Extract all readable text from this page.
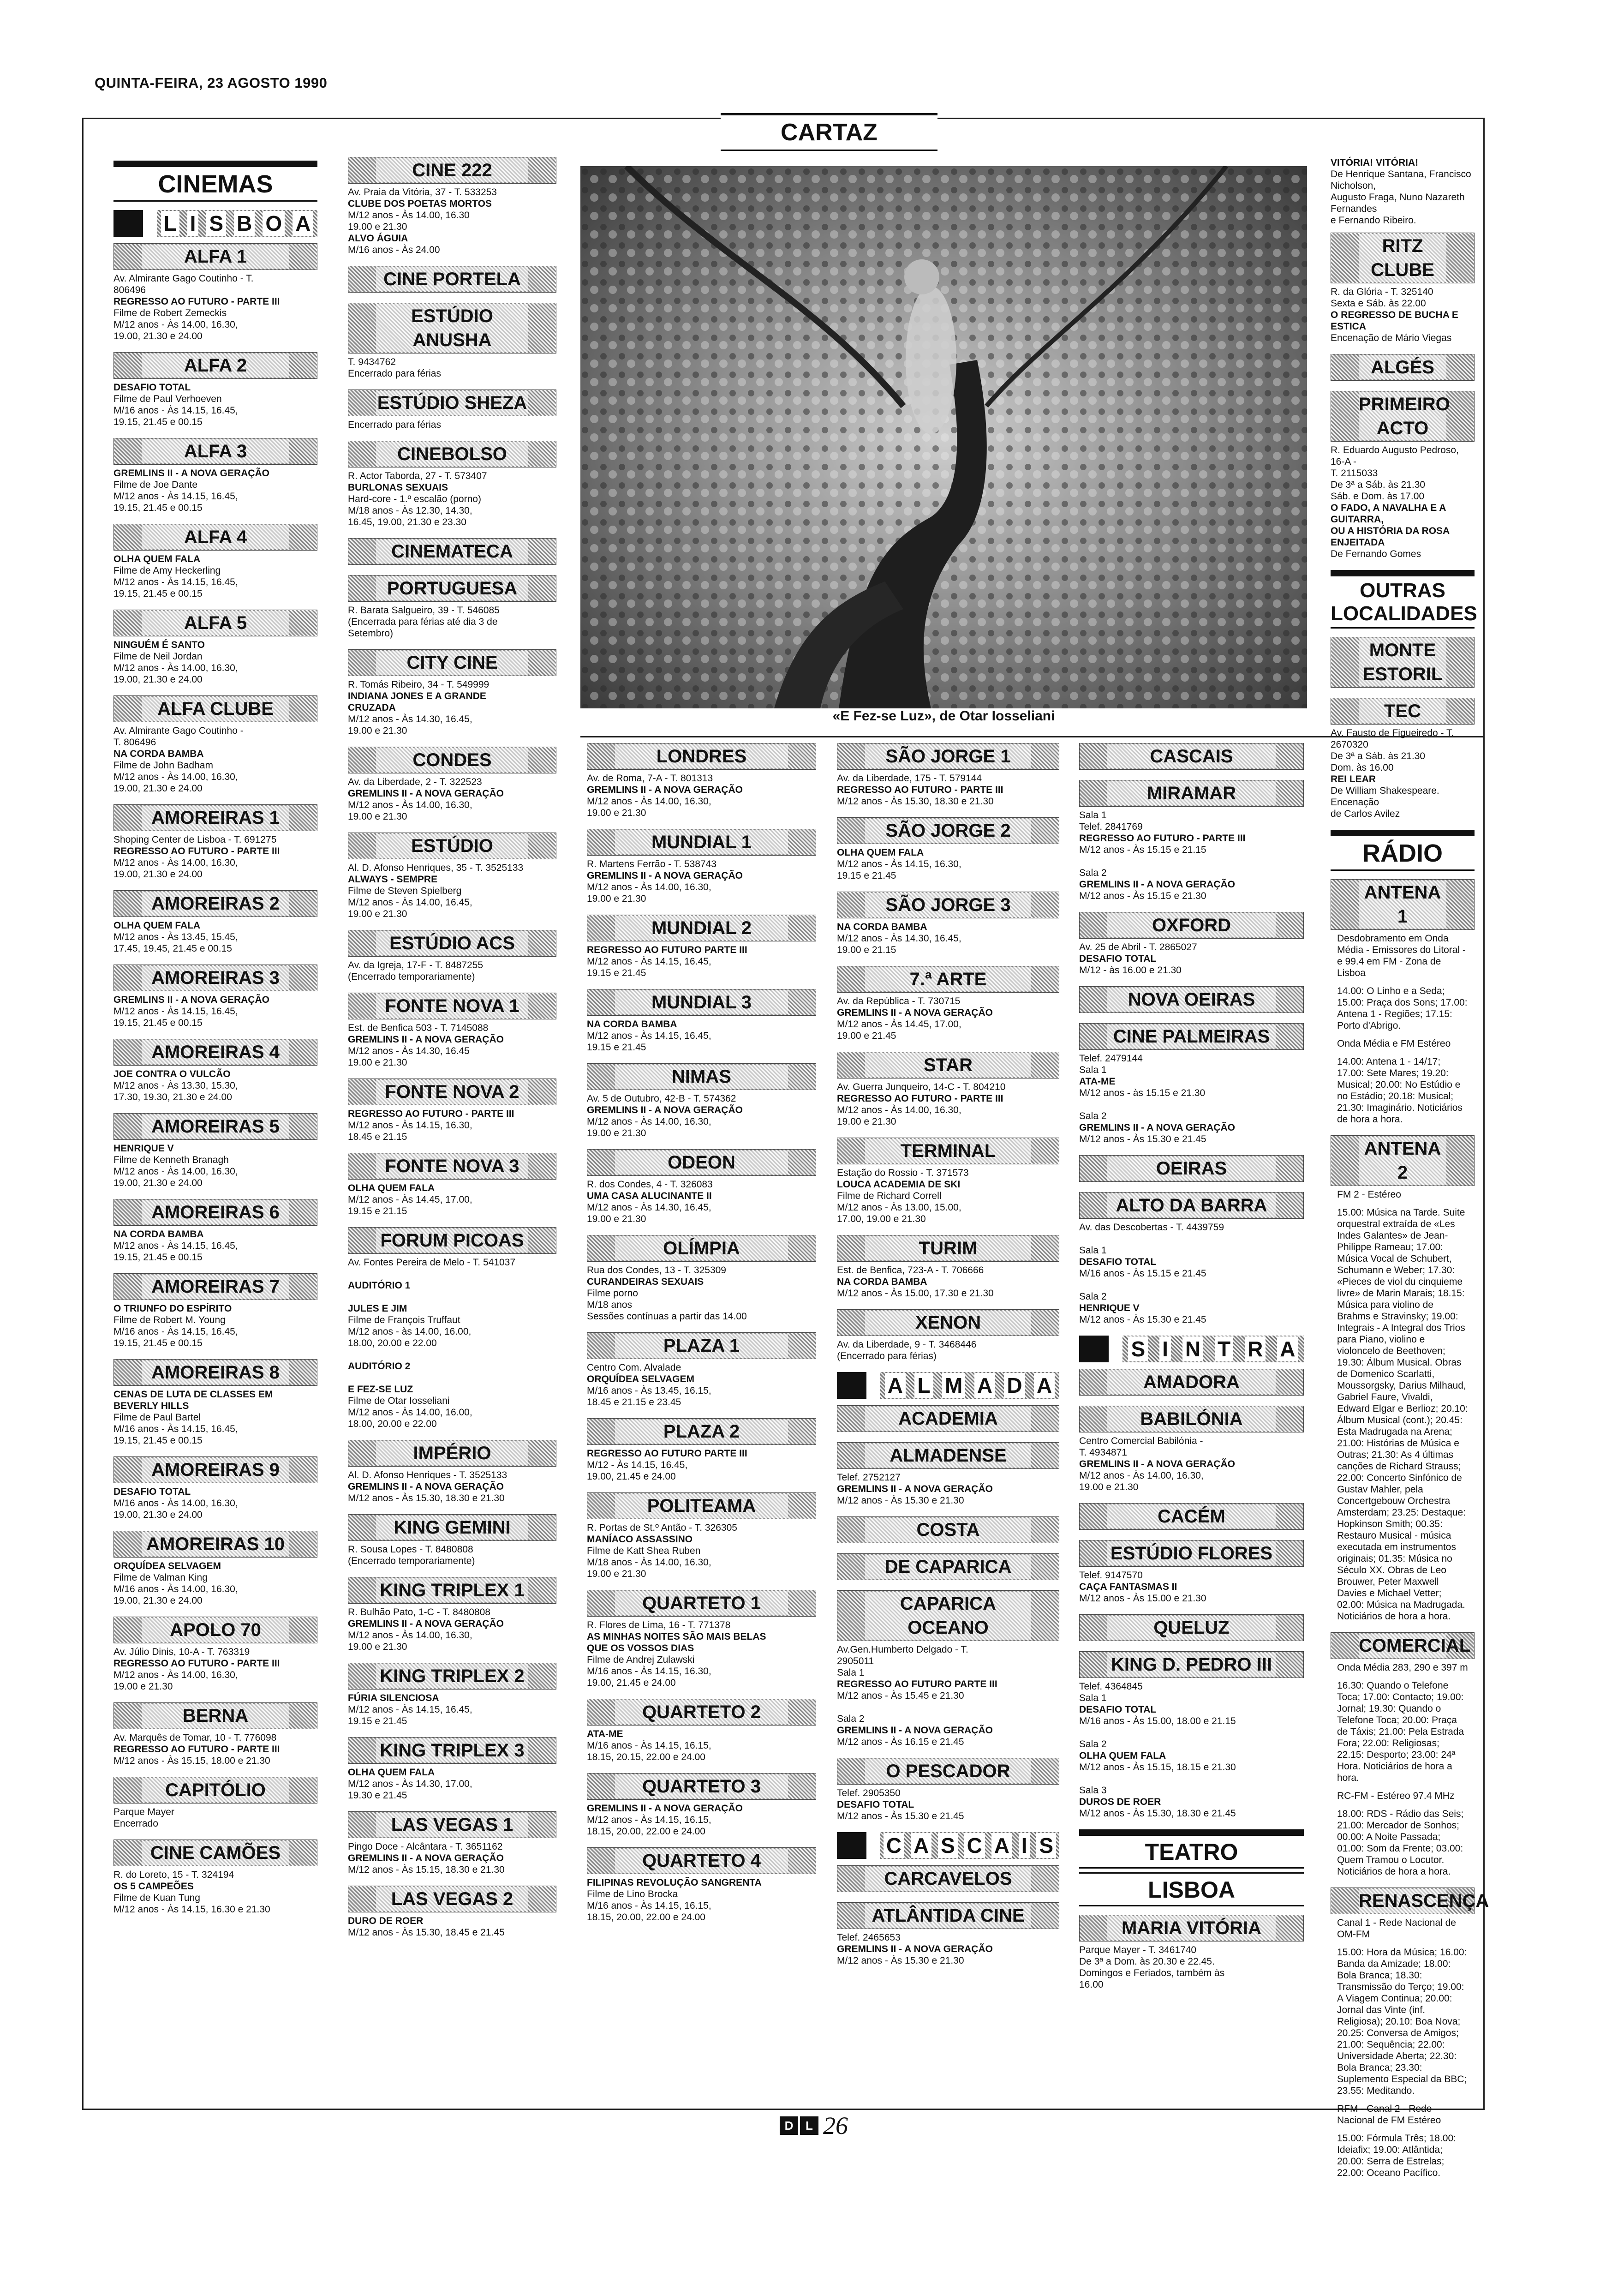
QUINTA-FEIRA, 23 AGOSTO 1990
CARTAZ
CINEMAS
L I S B O A
ALFA 1
Av. Almirante Gago Coutinho - T.
806496
REGRESSO AO FUTURO - PARTE III
Filme de Robert Zemeckis
M/12 anos - Às 14.00, 16.30,
19.00, 21.30 e 24.00
ALFA 2
DESAFIO TOTAL
Filme de Paul Verhoeven
M/16 anos - Às 14.15, 16.45,
19.15, 21.45 e 00.15
ALFA 3
GREMLINS II - A NOVA GERAÇÃO
Filme de Joe Dante
M/12 anos - Às 14.15, 16.45,
19.15, 21.45 e 00.15
ALFA 4
OLHA QUEM FALA
Filme de Amy Heckerling
M/12 anos - Às 14.15, 16.45,
19.15, 21.45 e 00.15
ALFA 5
NINGUÉM É SANTO
Filme de Neil Jordan
M/12 anos - Às 14.00, 16.30,
19.00, 21.30 e 24.00
ALFA CLUBE
Av. Almirante Gago Coutinho -
T. 806496
NA CORDA BAMBA
Filme de John Badham
M/12 anos - Às 14.00, 16.30,
19.00, 21.30 e 24.00
AMOREIRAS 1
Shoping Center de Lisboa - T. 691275
REGRESSO AO FUTURO - PARTE III
M/12 anos - Às 14.00, 16.30,
19.00, 21.30 e 24.00
AMOREIRAS 2
OLHA QUEM FALA
M/12 anos - Às 13.45, 15.45,
17.45, 19.45, 21.45 e 00.15
AMOREIRAS 3
GREMLINS II - A NOVA GERAÇÃO
M/12 anos - Às 14.15, 16.45,
19.15, 21.45 e 00.15
AMOREIRAS 4
JOE CONTRA O VULCÃO
M/12 anos - Às 13.30, 15.30,
17.30, 19.30, 21.30 e 24.00
AMOREIRAS 5
HENRIQUE V
Filme de Kenneth Branagh
M/12 anos - Às 14.00, 16.30,
19.00, 21.30 e 24.00
AMOREIRAS 6
NA CORDA BAMBA
M/12 anos - Às 14.15, 16.45,
19.15, 21.45 e 00.15
AMOREIRAS 7
O TRIUNFO DO ESPÍRITO
Filme de Robert M. Young
M/16 anos - Às 14.15, 16.45,
19.15, 21.45 e 00.15
AMOREIRAS 8
CENAS DE LUTA DE CLASSES EM
BEVERLY HILLS
Filme de Paul Bartel
M/16 anos - Às 14.15, 16.45,
19.15, 21.45 e 00.15
AMOREIRAS 9
DESAFIO TOTAL
M/16 anos - Às 14.00, 16.30,
19.00, 21.30 e 24.00
AMOREIRAS 10
ORQUÍDEA SELVAGEM
Filme de Valman King
M/16 anos - Às 14.00, 16.30,
19.00, 21.30 e 24.00
APOLO 70
Av. Júlio Dinis, 10-A - T. 763319
REGRESSO AO FUTURO - PARTE III
M/12 anos - Às 14.00, 16.30,
19.00 e 21.30
BERNA
Av. Marquês de Tomar, 10 - T. 776098
REGRESSO AO FUTURO - PARTE III
M/12 anos - Às 15.15, 18.00 e 21.30
CAPITÓLIO
Parque Mayer
Encerrado
CINE CAMÕES
R. do Loreto, 15 - T. 324194
OS 5 CAMPEÕES
Filme de Kuan Tung
M/12 anos - Às 14.15, 16.30 e 21.30
CINE 222
Av. Praia da Vitória, 37 - T. 533253
CLUBE DOS POETAS MORTOS
M/12 anos - Às 14.00, 16.30
19.00 e 21.30
ALVO ÁGUIA
M/16 anos - Às 24.00
CINE PORTELA
ESTÚDIO ANUSHA
T. 9434762
Encerrado para férias
ESTÚDIO SHEZA
Encerrado para férias
CINEBOLSO
R. Actor Taborda, 27 - T. 573407
BURLONAS SEXUAIS
Hard-core - 1.º escalão (porno)
M/18 anos - Às 12.30, 14.30,
16.45, 19.00, 21.30 e 23.30
CINEMATECA
PORTUGUESA
R. Barata Salgueiro, 39 - T. 546085
(Encerrada para férias até dia 3 de
Setembro)
CITY CINE
R. Tomás Ribeiro, 34 - T. 549999
INDIANA JONES E A GRANDE
CRUZADA
M/12 anos - Às 14.30, 16.45,
19.00 e 21.30
CONDES
Av. da Liberdade, 2 - T. 322523
GREMLINS II - A NOVA GERAÇÃO
M/12 anos - Às 14.00, 16.30,
19.00 e 21.30
ESTÚDIO
Al. D. Afonso Henriques, 35 - T. 3525133
ALWAYS - SEMPRE
Filme de Steven Spielberg
M/12 anos - Às 14.00, 16.45,
19.00 e 21.30
ESTÚDIO ACS
Av. da Igreja, 17-F - T. 8487255
(Encerrado temporariamente)
FONTE NOVA 1
Est. de Benfica 503 - T. 7145088
GREMLINS II - A NOVA GERAÇÃO
M/12 anos - Às 14.30, 16.45
19.00 e 21.30
FONTE NOVA 2
REGRESSO AO FUTURO - PARTE III
M/12 anos - Às 14.15, 16.30,
18.45 e 21.15
FONTE NOVA 3
OLHA QUEM FALA
M/12 anos - Às 14.45, 17.00,
19.15 e 21.15
FORUM PICOAS
Av. Fontes Pereira de Melo - T. 541037

AUDITÓRIO 1

JULES E JIM
Filme de François Truffaut
M/12 anos - às 14.00, 16.00,
18.00, 20.00 e 22.00

AUDITÓRIO 2

E FEZ-SE LUZ
Filme de Otar Iosseliani
M/12 anos - Às 14.00, 16.00,
18.00, 20.00 e 22.00
IMPÉRIO
Al. D. Afonso Henriques - T. 3525133
GREMLINS II - A NOVA GERAÇÃO
M/12 anos - Às 15.30, 18.30 e 21.30
KING GEMINI
R. Sousa Lopes - T. 8480808
(Encerrado temporariamente)
KING TRIPLEX 1
R. Bulhão Pato, 1-C - T. 8480808
GREMLINS II - A NOVA GERAÇÃO
M/12 anos - Às 14.00, 16.30,
19.00 e 21.30
KING TRIPLEX 2
FÚRIA SILENCIOSA
M/12 anos - Às 14.15, 16.45,
19.15 e 21.45
KING TRIPLEX 3
OLHA QUEM FALA
M/12 anos - Às 14.30, 17.00,
19.30 e 21.45
LAS VEGAS 1
Pingo Doce - Alcântara - T. 3651162
GREMLINS II - A NOVA GERAÇÃO
M/12 anos - Às 15.15, 18.30 e 21.30
LAS VEGAS 2
DURO DE ROER
M/12 anos - Às 15.30, 18.45 e 21.45
«E Fez-se Luz», de Otar Iosseliani
LONDRES
Av. de Roma, 7-A - T. 801313
GREMLINS II - A NOVA GERAÇÃO
M/12 anos - Às 14.00, 16.30,
19.00 e 21.30
MUNDIAL 1
R. Martens Ferrão - T. 538743
GREMLINS II - A NOVA GERAÇÃO
M/12 anos - Às 14.00, 16.30,
19.00 e 21.30
MUNDIAL 2
REGRESSO AO FUTURO PARTE III
M/12 anos - Às 14.15, 16.45,
19.15 e 21.45
MUNDIAL 3
NA CORDA BAMBA
M/12 anos - Às 14.15, 16.45,
19.15 e 21.45
NIMAS
Av. 5 de Outubro, 42-B - T. 574362
GREMLINS II - A NOVA GERAÇÃO
M/12 anos - Às 14.00, 16.30,
19.00 e 21.30
ODEON
R. dos Condes, 4 - T. 326083
UMA CASA ALUCINANTE II
M/12 anos - Às 14.30, 16.45,
19.00 e 21.30
OLÍMPIA
Rua dos Condes, 13 - T. 325309
CURANDEIRAS SEXUAIS
Filme porno
M/18 anos
Sessões contínuas a partir das 14.00
PLAZA 1
Centro Com. Alvalade
ORQUÍDEA SELVAGEM
M/16 anos - Às 13.45, 16.15,
18.45 e 21.15 e 23.45
PLAZA 2
REGRESSO AO FUTURO PARTE III
M/12 - Às 14.15, 16.45,
19.00, 21.45 e 24.00
POLITEAMA
R. Portas de St.º Antão - T. 326305
MANÍACO ASSASSINO
Filme de Katt Shea Ruben
M/18 anos - Às 14.00, 16.30,
19.00 e 21.30
QUARTETO 1
R. Flores de Lima, 16 - T. 771378
AS MINHAS NOITES SÃO MAIS BELAS
QUE OS VOSSOS DIAS
Filme de Andrej Zulawski
M/16 anos - Às 14.15, 16.30,
19.00, 21.45 e 24.00
QUARTETO 2
ATA-ME
M/16 anos - Às 14.15, 16.15,
18.15, 20.15, 22.00 e 24.00
QUARTETO 3
GREMLINS II - A NOVA GERAÇÃO
M/12 anos - Às 14.15, 16.15,
18.15, 20.00, 22.00 e 24.00
QUARTETO 4
FILIPINAS REVOLUÇÃO SANGRENTA
Filme de Lino Brocka
M/16 anos - Às 14.15, 16.15,
18.15, 20.00, 22.00 e 24.00
SÃO JORGE 1
Av. da Liberdade, 175 - T. 579144
REGRESSO AO FUTURO - PARTE III
M/12 anos - Às 15.30, 18.30 e 21.30
SÃO JORGE 2
OLHA QUEM FALA
M/12 anos - Às 14.15, 16.30,
19.15 e 21.45
SÃO JORGE 3
NA CORDA BAMBA
M/12 anos - Às 14.30, 16.45,
19.00 e 21.15
7.ª ARTE
Av. da República - T. 730715
GREMLINS II - A NOVA GERAÇÃO
M/12 anos - Às 14.45, 17.00,
19.00 e 21.45
STAR
Av. Guerra Junqueiro, 14-C - T. 804210
REGRESSO AO FUTURO - PARTE III
M/12 anos - Às 14.00, 16.30,
19.00 e 21.30
TERMINAL
Estação do Rossio - T. 371573
LOUCA ACADEMIA DE SKI
Filme de Richard Correll
M/12 anos - Às 13.00, 15.00,
17.00, 19.00 e 21.30
TURIM
Est. de Benfica, 723-A - T. 706666
NA CORDA BAMBA
M/12 anos - Às 15.00, 17.30 e 21.30
XENON
Av. da Liberdade, 9 - T. 3468446
(Encerrado para férias)
A L M A D A
ACADEMIA
ALMADENSE
Telef. 2752127
GREMLINS II - A NOVA GERAÇÃO
M/12 anos - Às 15.30 e 21.30
COSTA
DE CAPARICA
CAPARICA OCEANO
Av.Gen.Humberto Delgado - T.
2905011
Sala 1
REGRESSO AO FUTURO PARTE III
M/12 anos - Às 15.45 e 21.30

Sala 2
GREMLINS II - A NOVA GERAÇÃO
M/12 anos - Às 16.15 e 21.45
O PESCADOR
Telef. 2905350
DESAFIO TOTAL
M/12 anos - Às 15.30 e 21.45
C A S C A I S
CARCAVELOS
ATLÂNTIDA CINE
Telef. 2465653
GREMLINS II - A NOVA GERAÇÃO
M/12 anos - Às 15.30 e 21.30
CASCAIS
MIRAMAR
Sala 1
Telef. 2841769
REGRESSO AO FUTURO - PARTE III
M/12 anos - Às 15.15 e 21.15

Sala 2
GREMLINS II - A NOVA GERAÇÃO
M/12 anos - Às 15.15 e 21.30
OXFORD
Av. 25 de Abril - T. 2865027
DESAFIO TOTAL
M/12 - às 16.00 e 21.30
NOVA OEIRAS
CINE PALMEIRAS
Telef. 2479144
Sala 1
ATA-ME
M/12 anos - às 15.15 e 21.30

Sala 2
GREMLINS II - A NOVA GERAÇÃO
M/12 anos - Às 15.30 e 21.45
OEIRAS
ALTO DA BARRA
Av. das Descobertas - T. 4439759

Sala 1
DESAFIO TOTAL
M/16 anos - Às 15.15 e 21.45

Sala 2
HENRIQUE V
M/12 anos - Às 15.30 e 21.45
S I N T R A
AMADORA
BABILÓNIA
Centro Comercial Babilónia -
T. 4934871
GREMLINS II - A NOVA GERAÇÃO
M/12 anos - Às 14.00, 16.30,
19.00 e 21.30
CACÉM
ESTÚDIO FLORES
Telef. 9147570
CAÇA FANTASMAS II
M/12 anos - Às 15.00 e 21.30
QUELUZ
KING D. PEDRO III
Telef. 4364845
Sala 1
DESAFIO TOTAL
M/16 anos - Às 15.00, 18.00 e 21.15

Sala 2
OLHA QUEM FALA
M/12 anos - Às 15.15, 18.15 e 21.30

Sala 3
DUROS DE ROER
M/12 anos - Às 15.30, 18.30 e 21.45
TEATRO
LISBOA
MARIA VITÓRIA
Parque Mayer - T. 3461740
De 3ª a Dom. às 20.30 e 22.45.
Domingos e Feriados, também às
16.00
VITÓRIA! VITÓRIA!
De Henrique Santana, Francisco
Nicholson,
Augusto Fraga, Nuno Nazareth
Fernandes
e Fernando Ribeiro.
RITZ CLUBE
R. da Glória - T. 325140
Sexta e Sáb. às 22.00
O REGRESSO DE BUCHA E ESTICA
Encenação de Mário Viegas
ALGÉS
PRIMEIRO ACTO
R. Eduardo Augusto Pedroso, 16-A -
T. 2115033
De 3ª a Sáb. às 21.30
Sáb. e Dom. às 17.00
O FADO, A NAVALHA E A GUITARRA,
OU A HISTÓRIA DA ROSA ENJEITADA
De Fernando Gomes
OUTRAS LOCALIDADES
MONTE ESTORIL
TEC
Av. Fausto de Figueiredo - T. 2670320
De 3ª a Sáb. às 21.30
Dom. às 16.00
REI LEAR
De William Shakespeare. Encenação
de Carlos Avilez
RÁDIO
ANTENA 1

Desdobramento em Onda Média - Emissores do Litoral - e 99.4 em FM - Zona de Lisboa

14.00: O Linho e a Seda; 15.00: Praça dos Sons; 17.00: Antena 1 - Regiões; 17.15: Porto d'Abrigo.

Onda Média e FM Estéreo

14.00: Antena 1 - 14/17; 17.00: Sete Mares; 19.20: Musical; 20.00: No Estúdio e no Estádio; 20.18: Musical; 21.30: Imaginário. Noticiários de hora a hora.

ANTENA 2

FM 2 - Estéreo

15.00: Música na Tarde. Suite orquestral extraída de «Les Indes Galantes» de Jean-Philippe Rameau; 17.00: Música Vocal de Schubert, Schumann e Weber; 17.30: «Pieces de viol du cinquieme livre» de Marin Marais; 18.15: Música para violino de Brahms e Stravinsky; 19.00: Integrais - A Integral dos Trios para Piano, violino e violoncelo de Beethoven; 19.30: Álbum Musical. Obras de Domenico Scarlatti, Moussorgsky, Darius Milhaud, Gabriel Faure, Vivaldi, Edward Elgar e Berlioz; 20.10: Álbum Musical (cont.); 20.45: Esta Madrugada na Arena; 21.00: Histórias de Música e Outras; 21.30: As 4 últimas canções de Richard Strauss; 22.00: Concerto Sinfónico de Gustav Mahler, pela Concertgebouw Orchestra Amsterdam; 23.25: Destaque: Hopkinson Smith; 00.35: Restauro Musical - música executada em instrumentos originais; 01.35: Música no Século XX. Obras de Leo Brouwer, Peter Maxwell Davies e Michael Vetter; 02.00: Música na Madrugada. Noticiários de hora a hora.

COMERCIAL

Onda Média 283, 290 e 397 m

16.30: Quando o Telefone Toca; 17.00: Contacto; 19.00: Jornal; 19.30: Quando o Telefone Toca; 20.00: Praça de Táxis; 21.00: Pela Estrada Fora; 22.00: Religiosas; 22.15: Desporto; 23.00: 24ª Hora. Noticiários de hora a hora.

RC-FM - Estéreo 97.4 MHz

18.00: RDS - Rádio das Seis; 21.00: Mercador de Sonhos; 00.00: A Noite Passada; 01.00: Som da Frente; 03.00: Quem Tramou o Locutor. Noticiários de hora a hora.

RENASCENÇA

Canal 1 - Rede Nacional de OM-FM

15.00: Hora da Música; 16.00: Banda da Amizade; 18.00: Bola Branca; 18.30: Transmissão do Terço; 19.00: A Viagem Continua; 20.00: Jornal das Vinte (inf. Religiosa); 20.10: Boa Nova; 20.25: Conversa de Amigos; 21.00: Sequência; 22.00: Universidade Aberta; 22.30: Bola Branca; 23.30: Suplemento Especial da BBC; 23.55: Meditando.

RFM - Canal 2 - Rede Nacional de FM Estéreo

15.00: Fórmula Três; 18.00: Ideiafix; 19.00: Atlântida; 20.00: Serra de Estrelas; 22.00: Oceano Pacífico.

D	L 26
